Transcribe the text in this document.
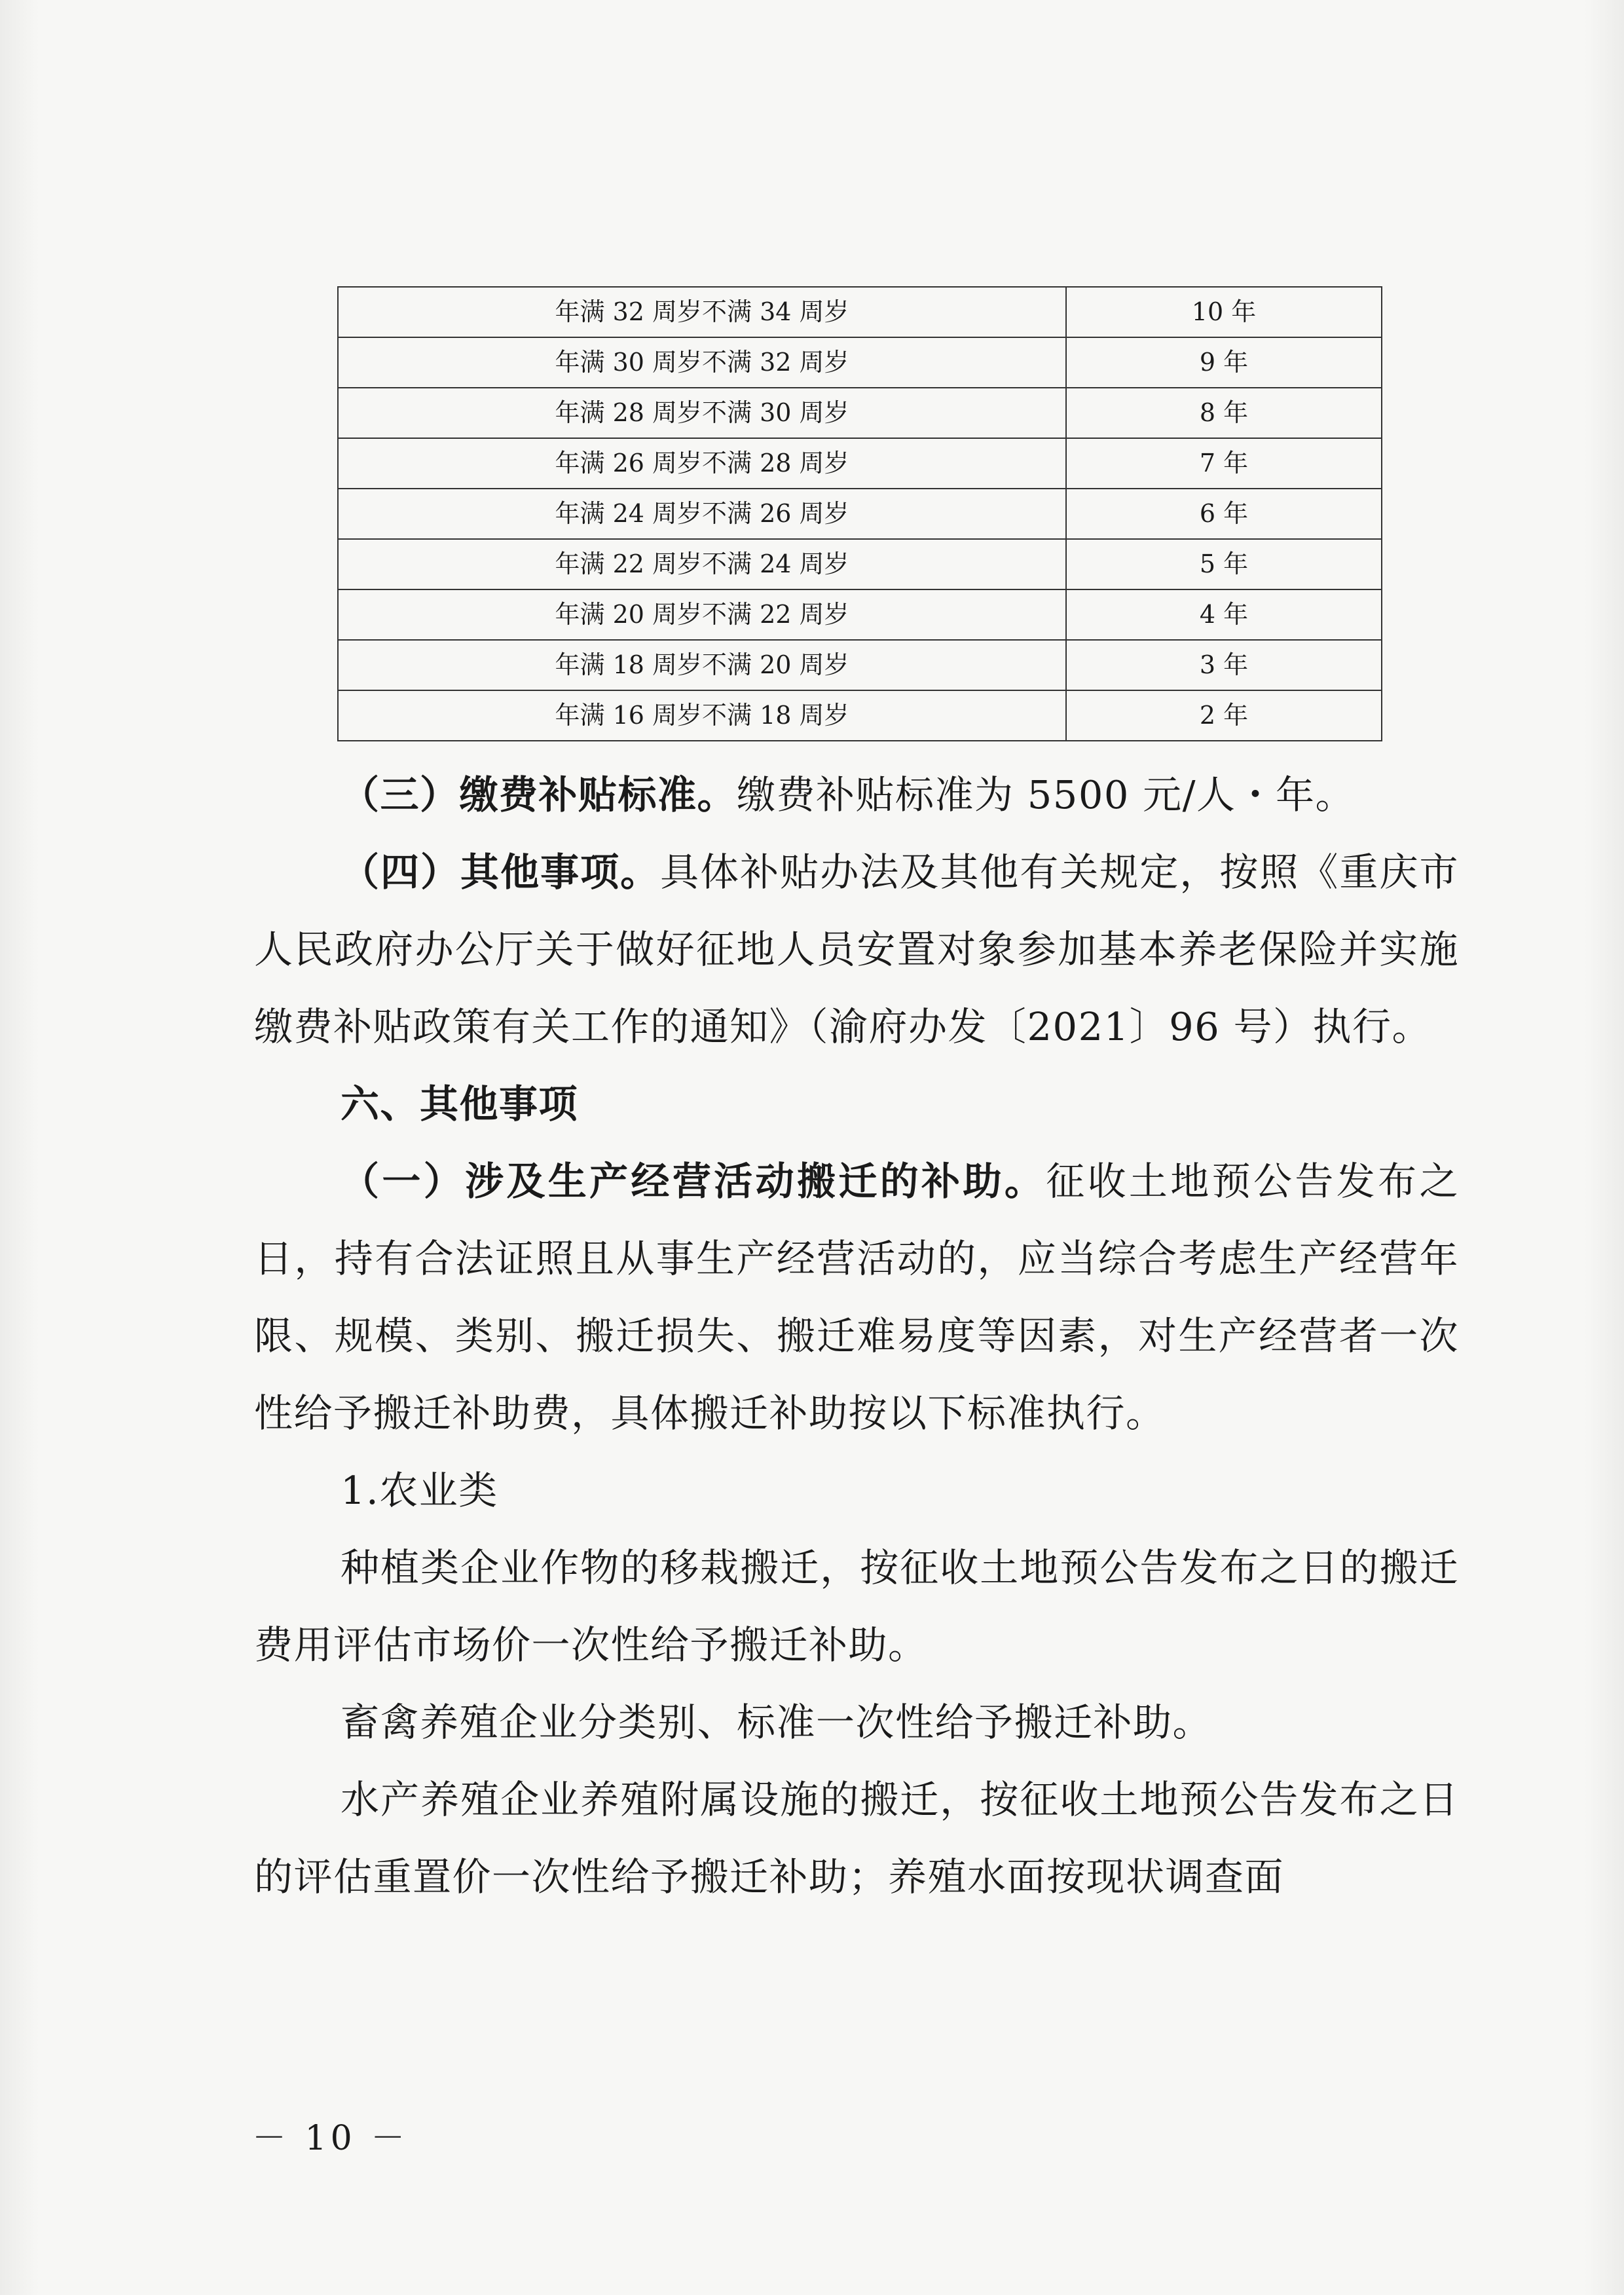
年满 32 周岁不满 34 周岁	10 年
年满 30 周岁不满 32 周岁	9 年
年满 28 周岁不满 30 周岁	8 年
年满 26 周岁不满 28 周岁	7 年
年满 24 周岁不满 26 周岁	6 年
年满 22 周岁不满 24 周岁	5 年
年满 20 周岁不满 22 周岁	4 年
年满 18 周岁不满 20 周岁	3 年
年满 16 周岁不满 18 周岁	2 年

（三）缴费补贴标准。缴费补贴标准为 5500 元/人・年。

（四）其他事项。具体补贴办法及其他有关规定，按照《重庆市人民政府办公厅关于做好征地人员安置对象参加基本养老保险并实施缴费补贴政策有关工作的通知》（渝府办发〔2021〕96 号）执行。

六、其他事项

（一）涉及生产经营活动搬迁的补助。征收土地预公告发布之日，持有合法证照且从事生产经营活动的，应当综合考虑生产经营年限、规模、类别、搬迁损失、搬迁难易度等因素，对生产经营者一次性给予搬迁补助费，具体搬迁补助按以下标准执行。

1.农业类

种植类企业作物的移栽搬迁，按征收土地预公告发布之日的搬迁费用评估市场价一次性给予搬迁补助。

畜禽养殖企业分类别、标准一次性给予搬迁补助。

水产养殖企业养殖附属设施的搬迁，按征收土地预公告发布之日的评估重置价一次性给予搬迁补助；养殖水面按现状调查面

－ 10 －
